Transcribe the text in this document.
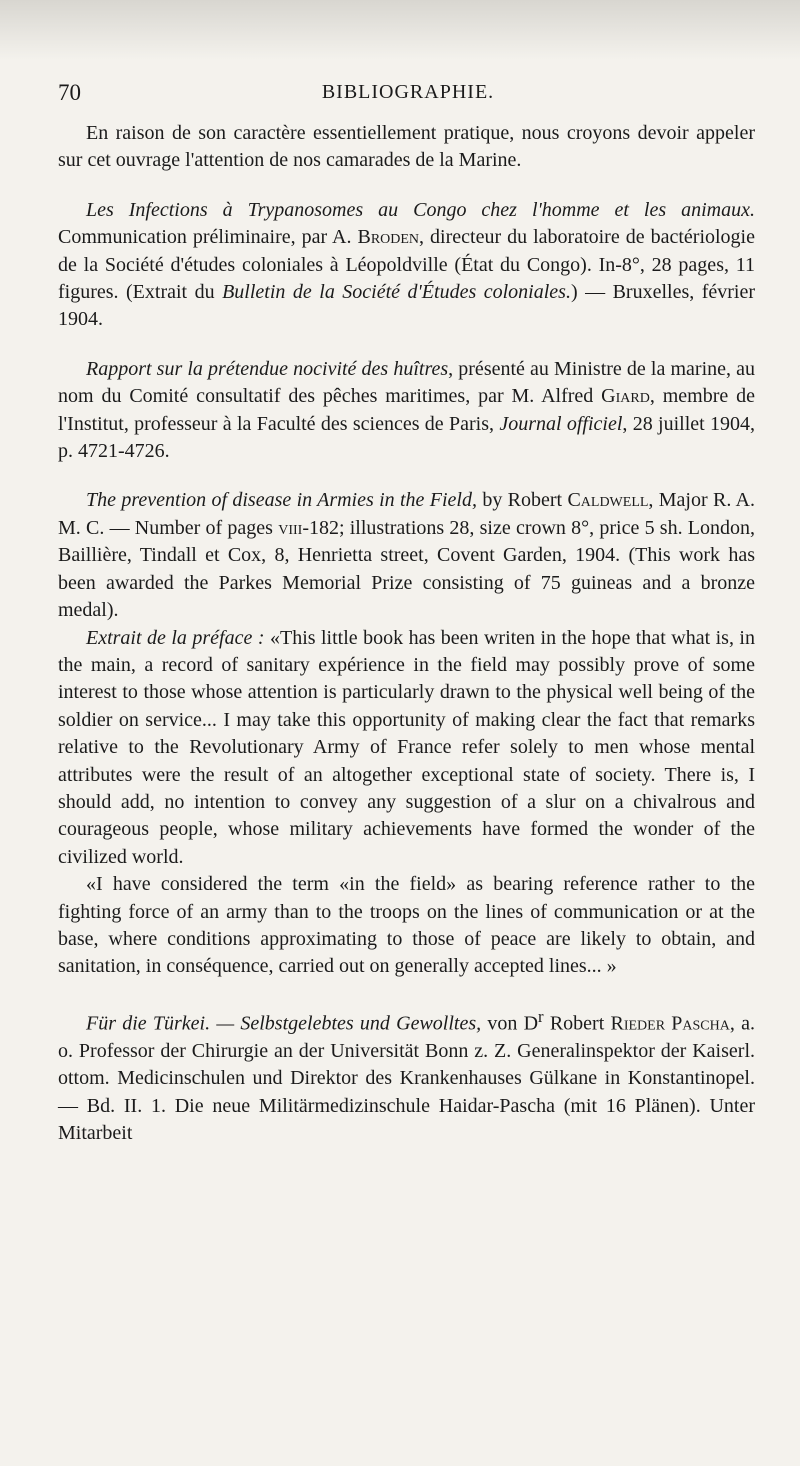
70	BIBLIOGRAPHIE.

En raison de son caractère essentiellement pratique, nous croyons devoir appeler sur cet ouvrage l'attention de nos camarades de la Marine.

Les Infections à Trypanosomes au Congo chez l'homme et les animaux. Communication préliminaire, par A. Broden, directeur du laboratoire de bactériologie de la Société d'études coloniales à Léopoldville (État du Congo). In-8°, 28 pages, 11 figures. (Extrait du Bulletin de la Société d'Études coloniales.) — Bruxelles, février 1904.

Rapport sur la prétendue nocivité des huîtres, présenté au Ministre de la marine, au nom du Comité consultatif des pêches maritimes, par M. Alfred Giard, membre de l'Institut, professeur à la Faculté des sciences de Paris, Journal officiel, 28 juillet 1904, p. 4721-4726.

The prevention of disease in Armies in the Field, by Robert Caldwell, Major R. A. M. C. — Number of pages viii-182; illustrations 28, size crown 8°, price 5 sh. London, Baillière, Tindall et Cox, 8, Henrietta street, Covent Garden, 1904. (This work has been awarded the Parkes Memorial Prize consisting of 75 guineas and a bronze medal).

Extrait de la préface : «This little book has been writen in the hope that what is, in the main, a record of sanitary expérience in the field may possibly prove of some interest to those whose attention is particularly drawn to the physical well being of the soldier on service... I may take this opportunity of making clear the fact that remarks relative to the Revolutionary Army of France refer solely to men whose mental attributes were the result of an altogether exceptional state of society. There is, I should add, no intention to convey any suggestion of a slur on a chivalrous and courageous people, whose military achievements have formed the wonder of the civilized world.

«I have considered the term «in the field» as bearing reference rather to the fighting force of an army than to the troops on the lines of communication or at the base, where conditions approximating to those of peace are likely to obtain, and sanitation, in conséquence, carried out on generally accepted lines... »

Für die Türkei. — Selbstgelebtes und Gewolltes, von $D^r$ Robert Rieder Pascha, a. o. Professor der Chirurgie an der Universität Bonn z. Z. Generalinspektor der Kaiserl. ottom. Medicinschulen und Direktor des Krankenhauses Gülkane in Konstantinopel. — Bd. II. 1. Die neue Militärmedizinschule Haidar-Pascha (mit 16 Plänen). Unter Mitarbeit
